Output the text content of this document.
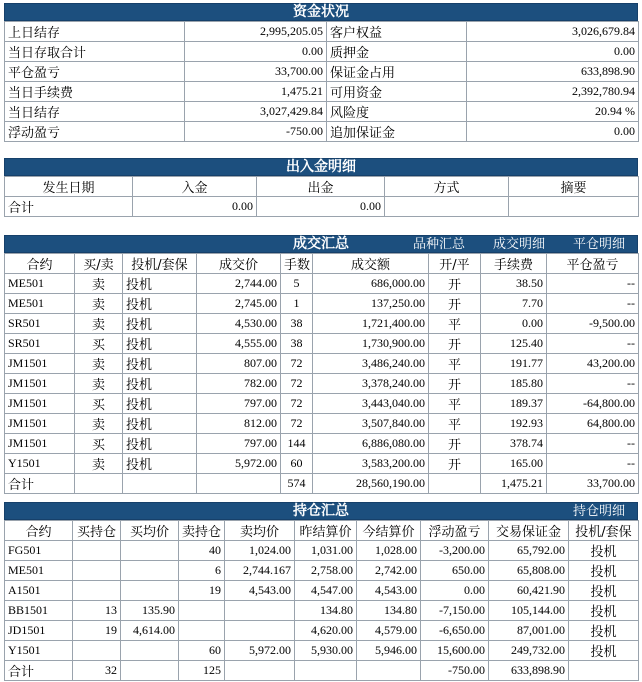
资金状况
上日结存	2,995,205.05	客户权益	3,026,679.84
当日存取合计	0.00	质押金	0.00
平仓盈亏	33,700.00	保证金占用	633,898.90
当日手续费	1,475.21	可用资金	2,392,780.94
当日结存	3,027,429.84	风险度	20.94 %
浮动盈亏	-750.00	追加保证金	0.00
出入金明细
发生日期	入金	出金	方式	摘要
合计	0.00	0.00		
成交汇总	品种汇总 成交明细 平仓明细
合约	买/卖	投机/套保	成交价	手数	成交额	开/平	手续费	平仓盈亏
ME501	卖	投机	2,744.00	5	686,000.00	开	38.50	--
ME501	卖	投机	2,745.00	1	137,250.00	开	7.70	--
SR501	卖	投机	4,530.00	38	1,721,400.00	平	0.00	-9,500.00
SR501	买	投机	4,555.00	38	1,730,900.00	开	125.40	--
JM1501	卖	投机	807.00	72	3,486,240.00	平	191.77	43,200.00
JM1501	卖	投机	782.00	72	3,378,240.00	开	185.80	--
JM1501	买	投机	797.00	72	3,443,040.00	平	189.37	-64,800.00
JM1501	卖	投机	812.00	72	3,507,840.00	平	192.93	64,800.00
JM1501	买	投机	797.00	144	6,886,080.00	开	378.74	--
Y1501	卖	投机	5,972.00	60	3,583,200.00	开	165.00	--
合计				574	28,560,190.00		1,475.21	33,700.00
持仓汇总	持仓明细
合约	买持仓	买均价	卖持仓	卖均价	昨结算价	今结算价	浮动盈亏	交易保证金	投机/套保
FG501			40	1,024.00	1,031.00	1,028.00	-3,200.00	65,792.00	投机
ME501			6	2,744.167	2,758.00	2,742.00	650.00	65,808.00	投机
A1501			19	4,543.00	4,547.00	4,543.00	0.00	60,421.90	投机
BB1501	13	135.90			134.80	134.80	-7,150.00	105,144.00	投机
JD1501	19	4,614.00			4,620.00	4,579.00	-6,650.00	87,001.00	投机
Y1501			60	5,972.00	5,930.00	5,946.00	15,600.00	249,732.00	投机
合计	32		125				-750.00	633,898.90	
